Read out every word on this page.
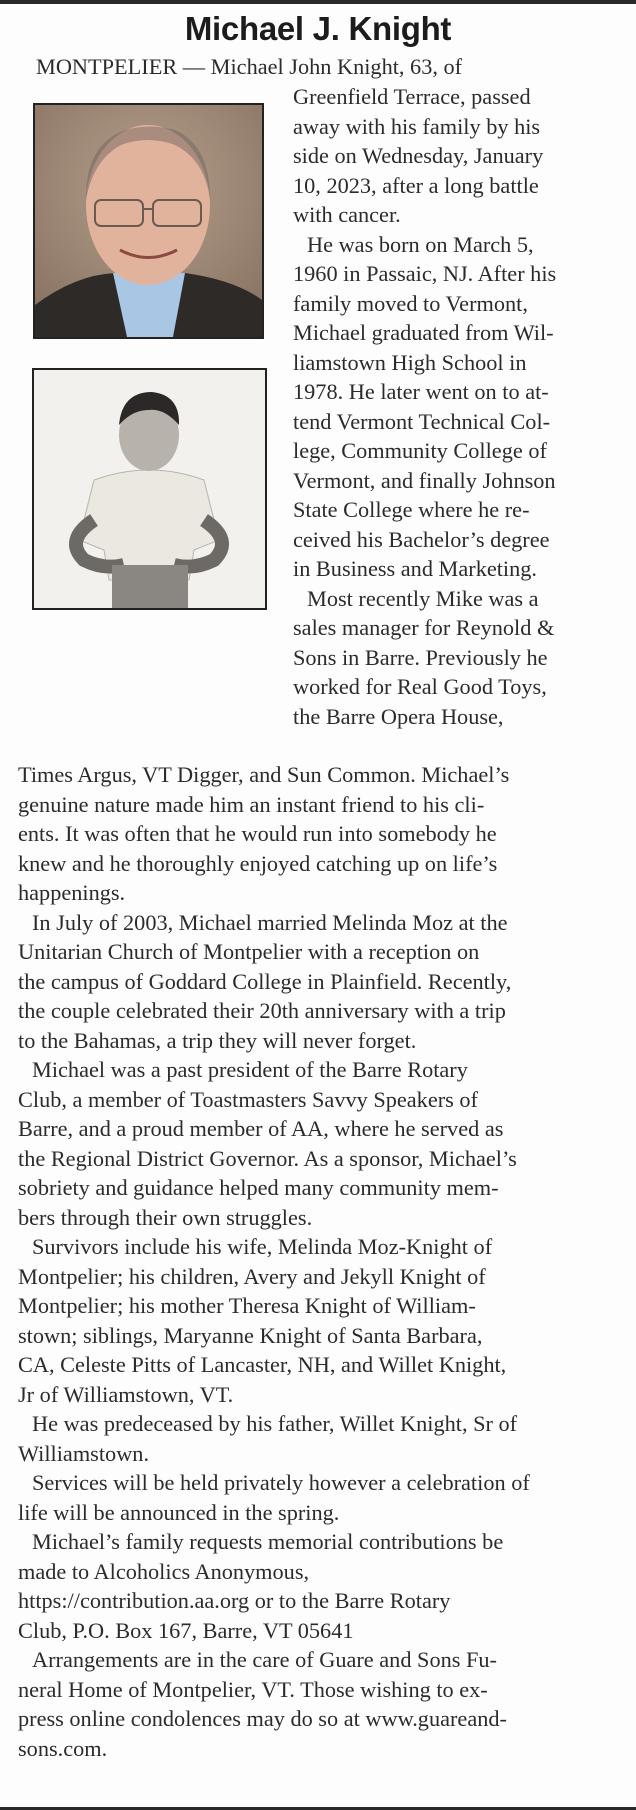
Michael J. Knight
MONTPELIER — Michael John Knight, 63, of
Greenfield Terrace, passed
away with his family by his
side on Wednesday, January
10, 2023, after a long battle
with cancer.
He was born on March 5,
1960 in Passaic, NJ. After his
family moved to Vermont,
Michael graduated from Wil-
liamstown High School in
1978. He later went on to at-
tend Vermont Technical Col-
lege, Community College of
Vermont, and finally Johnson
State College where he re-
ceived his Bachelor’s degree
in Business and Marketing.
Most recently Mike was a
sales manager for Reynold &
Sons in Barre. Previously he
worked for Real Good Toys,
the Barre Opera House,
Times Argus, VT Digger, and Sun Common. Michael’s
genuine nature made him an instant friend to his cli-
ents. It was often that he would run into somebody he
knew and he thoroughly enjoyed catching up on life’s
happenings.
In July of 2003, Michael married Melinda Moz at the
Unitarian Church of Montpelier with a reception on
the campus of Goddard College in Plainfield. Recently,
the couple celebrated their 20th anniversary with a trip
to the Bahamas, a trip they will never forget.
Michael was a past president of the Barre Rotary
Club, a member of Toastmasters Savvy Speakers of
Barre, and a proud member of AA, where he served as
the Regional District Governor. As a sponsor, Michael’s
sobriety and guidance helped many community mem-
bers through their own struggles.
Survivors include his wife, Melinda Moz-Knight of
Montpelier; his children, Avery and Jekyll Knight of
Montpelier; his mother Theresa Knight of William-
stown; siblings, Maryanne Knight of Santa Barbara,
CA, Celeste Pitts of Lancaster, NH, and Willet Knight,
Jr of Williamstown, VT.
He was predeceased by his father, Willet Knight, Sr of
Williamstown.
Services will be held privately however a celebration of
life will be announced in the spring.
Michael’s family requests memorial contributions be
made to Alcoholics Anonymous,
https://contribution.aa.org or to the Barre Rotary
Club, P.O. Box 167, Barre, VT 05641
Arrangements are in the care of Guare and Sons Fu-
neral Home of Montpelier, VT. Those wishing to ex-
press online condolences may do so at www.guareand-
sons.com.
